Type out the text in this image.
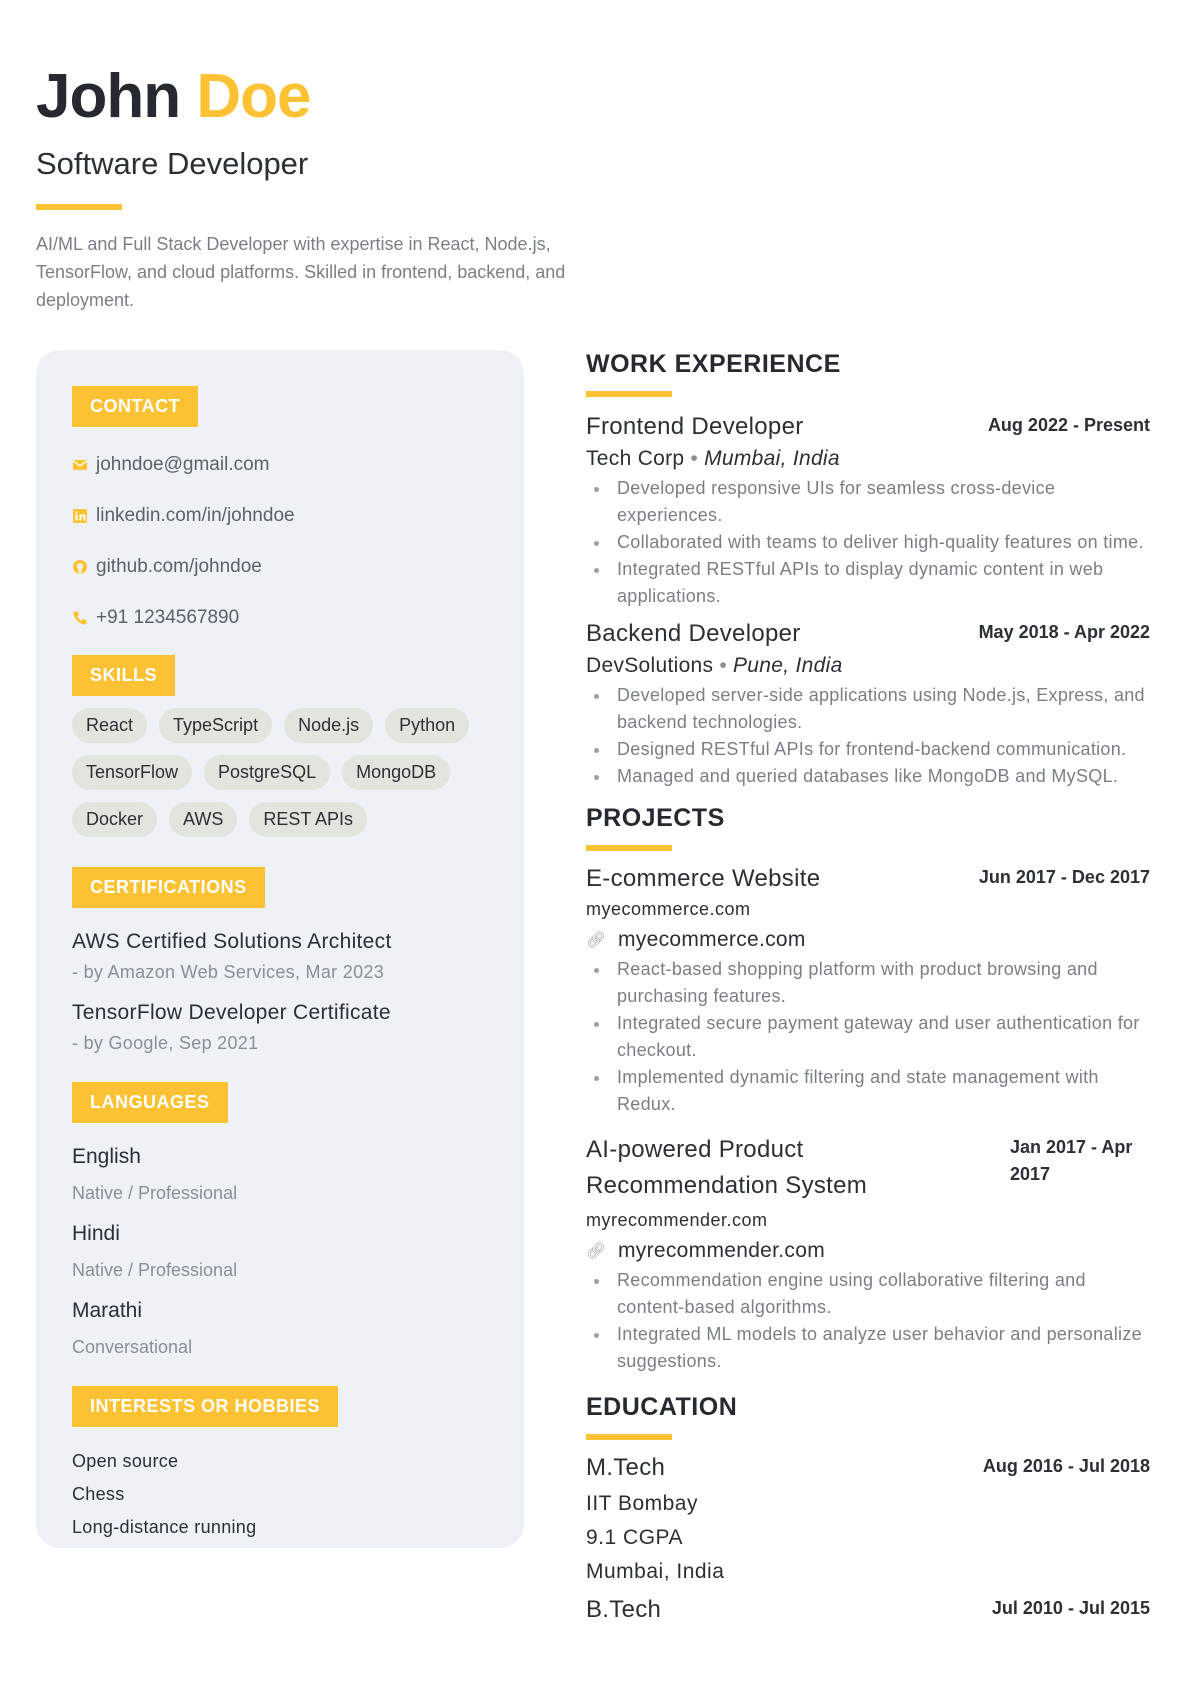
John Doe
Software Developer
AI/ML and Full Stack Developer with expertise in React, Node.js, TensorFlow, and cloud platforms. Skilled in frontend, backend, and deployment.
CONTACT
johndoe@gmail.com
linkedin.com/in/johndoe
github.com/johndoe
+91 1234567890
SKILLS
React	TypeScript	Node.js	Python
TensorFlow	PostgreSQL	MongoDB
Docker	AWS	REST APIs
CERTIFICATIONS
AWS Certified Solutions Architect
- by Amazon Web Services, Mar 2023
TensorFlow Developer Certificate
- by Google, Sep 2021
LANGUAGES
English
Native / Professional
Hindi
Native / Professional
Marathi
Conversational
INTERESTS OR HOBBIES
Open source
Chess
Long-distance running
WORK EXPERIENCE
Frontend Developer	Aug 2022 - Present
Tech Corp • Mumbai, India
Developed responsive UIs for seamless cross-device experiences.
Collaborated with teams to deliver high-quality features on time.
Integrated RESTful APIs to display dynamic content in web applications.
Backend Developer	May 2018 - Apr 2022
DevSolutions • Pune, India
Developed server-side applications using Node.js, Express, and backend technologies.
Designed RESTful APIs for frontend-backend communication.
Managed and queried databases like MongoDB and MySQL.
PROJECTS
E-commerce Website	Jun 2017 - Dec 2017
myecommerce.com
🔗︎ myecommerce.com
React-based shopping platform with product browsing and purchasing features.
Integrated secure payment gateway and user authentication for checkout.
Implemented dynamic filtering and state management with Redux.
AI-powered Product Recommendation System
Jan 2017 - Apr 2017
myrecommender.com
🔗︎ myrecommender.com
Recommendation engine using collaborative filtering and content-based algorithms.
Integrated ML models to analyze user behavior and personalize suggestions.
EDUCATION
M.Tech	Aug 2016 - Jul 2018
IIT Bombay
9.1 CGPA
Mumbai, India
B.Tech	Jul 2010 - Jul 2015
